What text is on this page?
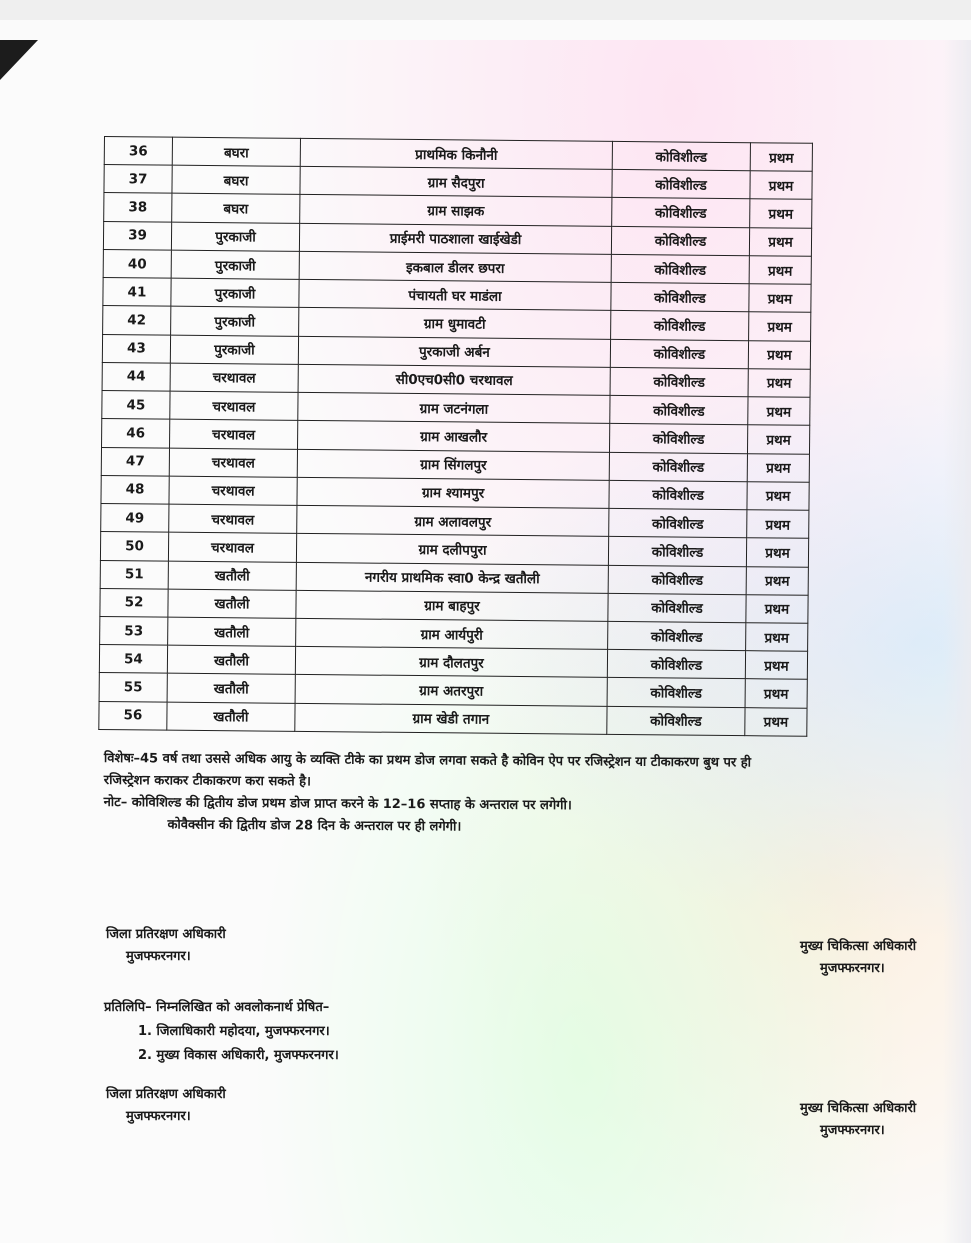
36	बघरा	प्राथमिक किनौनी	कोविशील्ड	प्रथम
37	बघरा	ग्राम सैदपुरा	कोविशील्ड	प्रथम
38	बघरा	ग्राम साझक	कोविशील्ड	प्रथम
39	पुरकाजी	प्राईमरी पाठशाला खाईखेडी	कोविशील्ड	प्रथम
40	पुरकाजी	इकबाल डीलर छपरा	कोविशील्ड	प्रथम
41	पुरकाजी	पंचायती घर माडंला	कोविशील्ड	प्रथम
42	पुरकाजी	ग्राम धुमावटी	कोविशील्ड	प्रथम
43	पुरकाजी	पुरकाजी अर्बन	कोविशील्ड	प्रथम
44	चरथावल	सी0एच0सी0 चरथावल	कोविशील्ड	प्रथम
45	चरथावल	ग्राम जटनंगला	कोविशील्ड	प्रथम
46	चरथावल	ग्राम आखलौर	कोविशील्ड	प्रथम
47	चरथावल	ग्राम सिंगलपुर	कोविशील्ड	प्रथम
48	चरथावल	ग्राम श्यामपुर	कोविशील्ड	प्रथम
49	चरथावल	ग्राम अलावलपुर	कोविशील्ड	प्रथम
50	चरथावल	ग्राम दलीपपुरा	कोविशील्ड	प्रथम
51	खतौली	नगरीय प्राथमिक स्वा0 केन्द्र खतौली	कोविशील्ड	प्रथम
52	खतौली	ग्राम बाहपुर	कोविशील्ड	प्रथम
53	खतौली	ग्राम आर्यपुरी	कोविशील्ड	प्रथम
54	खतौली	ग्राम दौलतपुर	कोविशील्ड	प्रथम
55	खतौली	ग्राम अतरपुरा	कोविशील्ड	प्रथम
56	खतौली	ग्राम खेडी तगान	कोविशील्ड	प्रथम

विशेषः–45 वर्ष तथा उससे अधिक आयु के व्यक्ति टीके का प्रथम डोज लगवा सकते है कोविन ऐप पर रजिस्ट्रेशन या टीकाकरण बुथ पर ही

रजिस्ट्रेशन कराकर टीकाकरण करा सकते है।

नोट– कोविशिल्ड की द्वितीय डोज प्रथम डोज प्राप्त करने के 12–16 सप्ताह के अन्तराल पर लगेगी।

कोवैक्सीन की द्वितीय डोज 28 दिन के अन्तराल पर ही लगेगी।

जिला प्रतिरक्षण अधिकारी
मुजफ्फरनगर।
मुख्य चिकित्सा अधिकारी
मुजफ्फरनगर।
प्रतिलिपि– निम्नलिखित को अवलोकनार्थ प्रेषित–
1. जिलाधिकारी महोदया, मुजफ्फरनगर।
2. मुख्य विकास अधिकारी, मुजफ्फरनगर।
जिला प्रतिरक्षण अधिकारी
मुजफ्फरनगर।
मुख्य चिकित्सा अधिकारी
मुजफ्फरनगर।
